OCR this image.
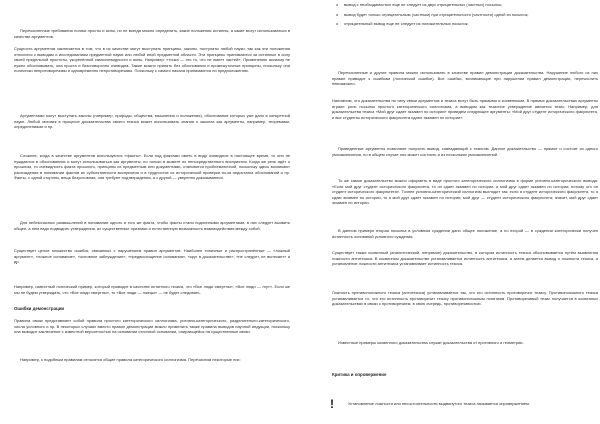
Перечисленные требования логики просты и ясны, но не всегда можно определить, какие положения истинны, а какие могут использоваться в качестве аргументов.

Сущность аргументов заключается в том, что в их качестве могут выступать принципы, законы, постулаты любой науки, так как эти положения относятся к выводам и исследованиям предметной науки или любой иной предметной области. Эти принципы принимаются за истинные в силу своей предельной простоты, укоренённой самоочевидности и ясны. Например: «точка — это то, что не имеет частей». Применению аксиому не нужно обосновывать, она проста и безоговорочно очевидна. Также можно принять без обоснования и промежуточные принципы, поскольку они логически непротиворечивы и одновременно непротиворечивы. Поскольку с самого начала принимаются по предположению.

Аргументами могут выступать законы (например, природы, общества, мышления и положения), обоснование которых уже дано в конкретной науке. Любой человек в процессе доказательства своего тезиса может использовать знания о законах как аргументы, например, теоремами, определениями и пр.

Сложнее, когда в качестве аргументов используются «факты». Если под фактами иметь в виду очевидное в настоящее время, то они не нуждаются в обоснованиях и могут использоваться как аргументы; но только в момент их непосредственного восприятия. Когда же речь идёт о прошлом, то очевидность факта прошлого, принципы их предметным или документами, становится проблематичной, поскольку здесь возникают расхождения в понимании фактов их субъективности восприятия и в трудностях их исторической проверки из-за недостатка обоснований и пр. Факты, с одной стороны, вещь безусловная, они требуют подтверждения, а с другой — уверенно доказываются.

Для небезопасных размышлений в понимании одного и того же факта, чтобы факты стали подлинными аргументами, в них следует выявить общее, а нем надо подводить утверждения, их существенные признаки и естественную возможность взаимодействия между собой.

Существует целое множество ошибок, связанных с нарушением правил аргументов. Наиболее типичные и распространённые — «ложный аргумент», «ложное основание», «основное заблуждение», «предвосхищение основания», «круг в доказательстве», «не следует, не вытекает» и др.

Например, известный логический пример, который приводит в качестве истинного тезиса, что «Все люди смертны», «Все люди — лгут». Если же мы не будем утверждать, что «Все люди смертны», то «Все люди — лжецы» — не будет следовать.

Ошибки демонстрации

Правила связи представляют собой правила простого категорического силлогизма, условно-категорического, разделительно-категорического, числа условного и пр. В некоторых случаях вместо правил демонстрации можно применить также правила выводов научной индукции, поскольку она выводит заключение с известной вероятностью на основании отличной основании, опирающейся на существенные связи.

Например, к подобным правилам относятся общие правила категорического силлогизма. Перечислим некоторые них:

o вывод с необходимостью еще не следует из двух отрицательных (частных) посылок;
o вывод будет только отрицательным (частным) при отрицательности (частности) одной из посылок;
o отрицательный вывод еще не следует из положительных посылок.

Перечисленные и другие правила можно использовать в качестве правил демонстрации доказательства. Нарушение любого из них правил приводит к ошибкам (логической ошибке). Все ошибки, возникающие при нарушении правил демонстрации, перечислить невозможно.

Напомним, что доказательства по типу связи аргументов и тезиса могут быть прямыми и косвенными. В прямых доказательствах аргументы играют роль посылок простого категорического силлогизма, а выводом как тезисное утверждение является тезис. Например, для доказательства тезиса «Мой друг сдает экзамен по истории» приведем следующее аргументы: «Мой друг студент исторического факультета, и все студенты исторического факультета сдают экзамен по истории».

Приведенные аргументы позволяют получить вывод, совпадающий с тезисом. Данное доказательство — прямое и состоит из одного умозаключения, но в общем случае оно может состоять и из нескольких умозаключений.

То же самое доказательство можно оформить в виде простого категорического силлогизма в форме условно-категорического вывода: «Если мой друг студент исторического факультета, то он сдает экзамен по истории, и мой друг сдает экзамен по истории, потому что он студент исторического факультета». Точнее условно-категорический силлогизм выглядит так: если я студент исторического факультета, то я сдаю экзамен по истории, то я мой друг сдает экзамен по истории; мой друг — студент исторического факультета; значит, мой друг сдает экзамен по истории.

В данном примере вторая посылка в условном суждении дано общее положение, а по второй — в суждении категорически получен истинность оснований условного суждения.

Существует также косвенный (аналитический, непрямое) доказательство, в котором истинность тезиса обосновывается путём выявления ложности антитезиса. В косвенном доказательстве устанавливается истинность антитезиса, а затем делается вывод о ложности тезиса, а установление ложности антитезиса устанавливает истинность тезиса.

Ложность противоположного тезиса (антитезиса) устанавливается так, что его истинность противоречит тезису. Противоположного тезиса устанавливается то, что его истинность противоречит тезису противоположным понятиям. Противоречивый тезис получается в косвенных доказательствах в связи с противоречием, в свою очередь, противоречивостью.

Известные примеры косвенного доказательства служат доказательства от противного и геометрии.

Критика и опровержение

Установление ложности или несостоятельности выдвинутого тезиса называется опровержением.

!
